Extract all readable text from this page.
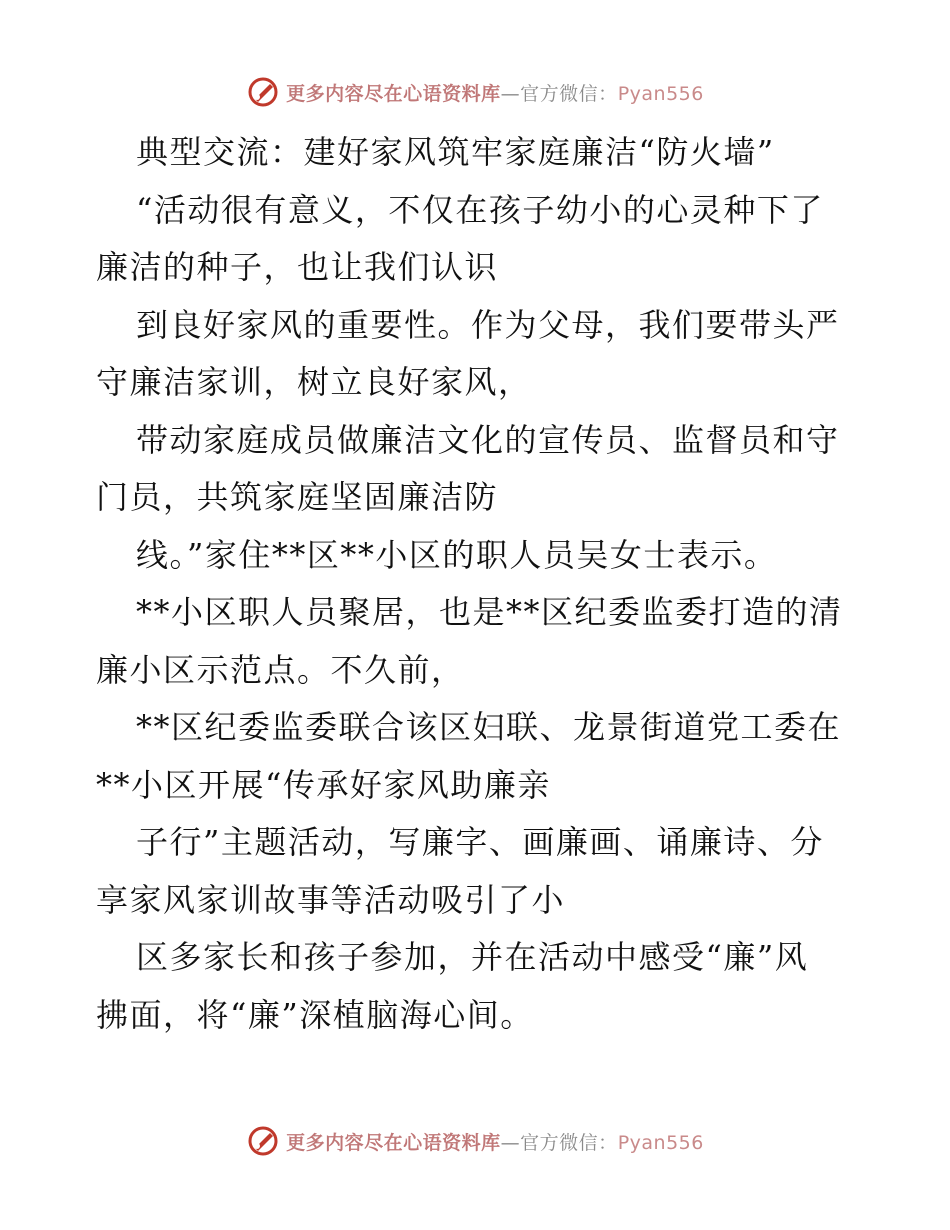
更多内容尽在心语资料库—官方微信：Pyan556
典型交流：建好家风筑牢家庭廉洁“防火墙”
“活动很有意义，不仅在孩子幼小的心灵种下了
廉洁的种子，也让我们认识
到良好家风的重要性。作为父母，我们要带头严
守廉洁家训，树立良好家风，
带动家庭成员做廉洁文化的宣传员、监督员和守
门员，共筑家庭坚固廉洁防
线。”家住**区**小区的职人员吴女士表示。
**小区职人员聚居，也是**区纪委监委打造的清
廉小区示范点。不久前，
**区纪委监委联合该区妇联、龙景街道党工委在
**小区开展“传承好家风助廉亲
子行”主题活动，写廉字、画廉画、诵廉诗、分
享家风家训故事等活动吸引了小
区多家长和孩子参加，并在活动中感受“廉”风
拂面，将“廉”深植脑海心间。
更多内容尽在心语资料库—官方微信：Pyan556
